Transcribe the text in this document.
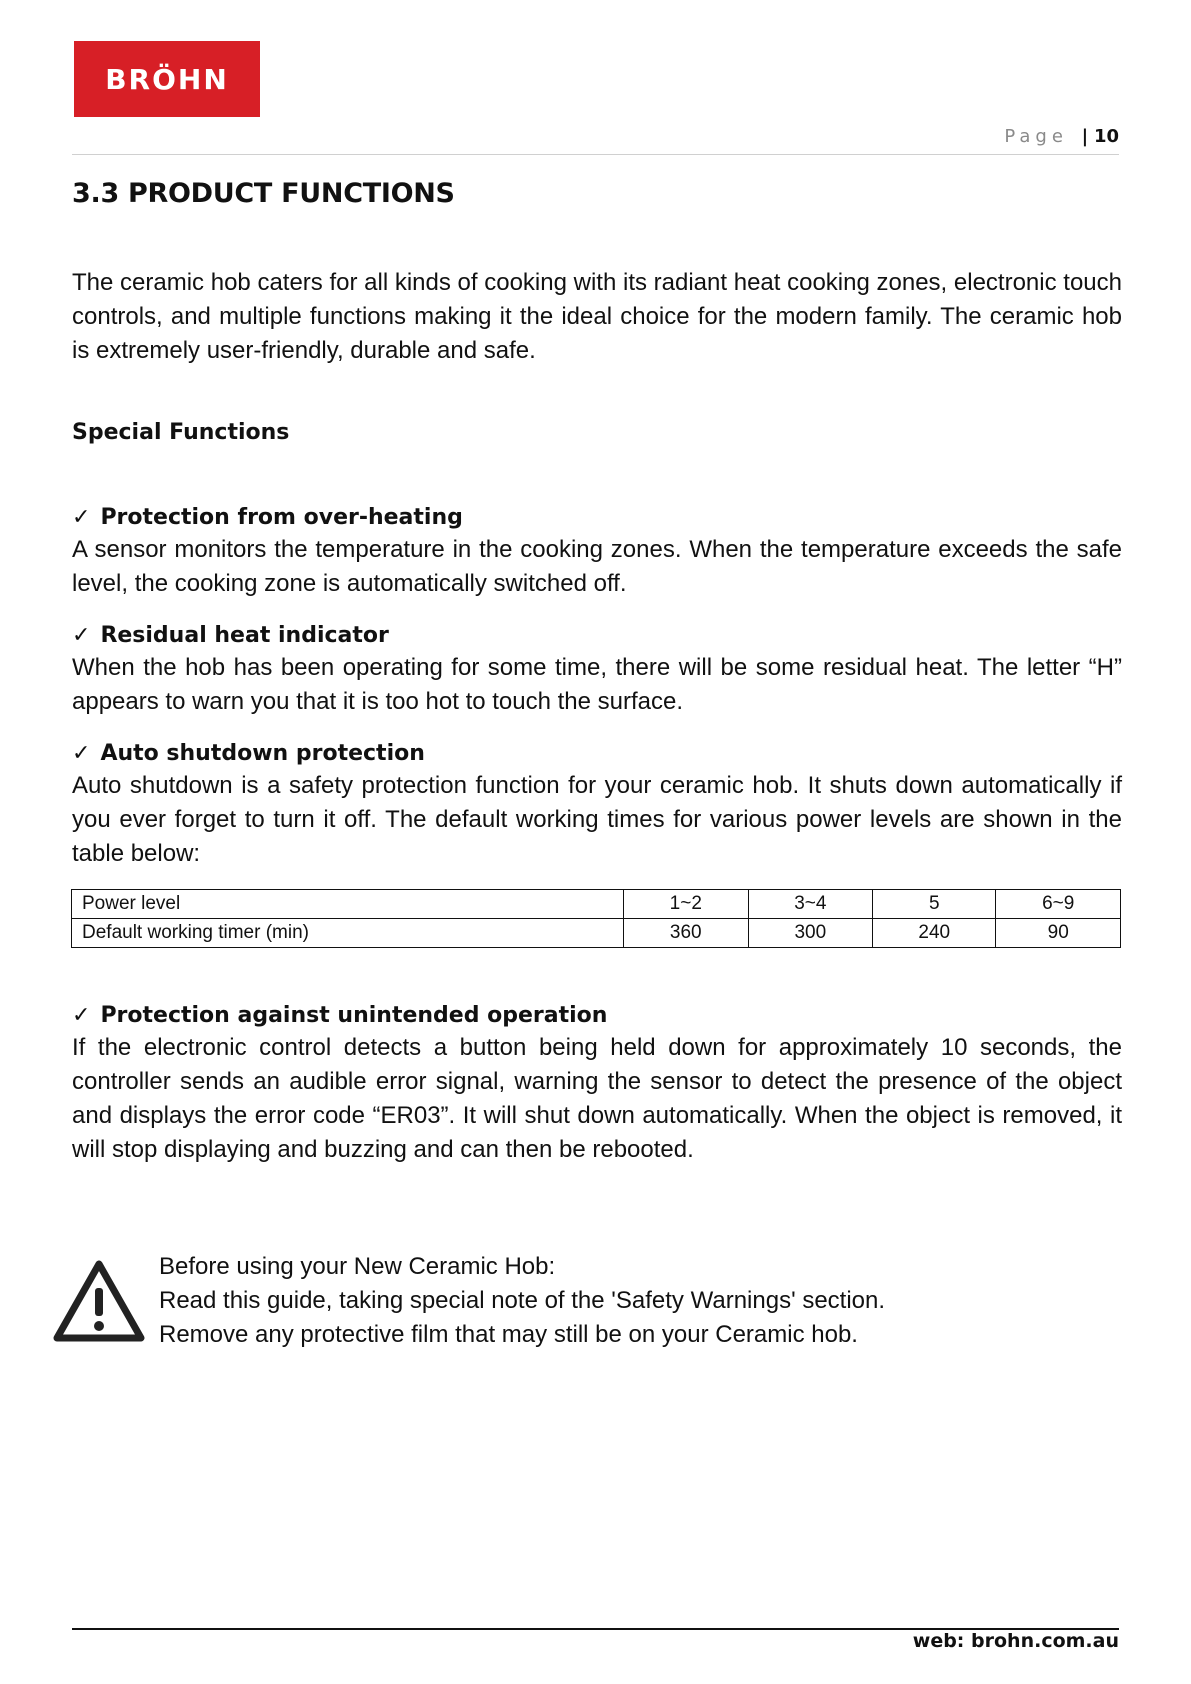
BRÖHN
Page | 10
3.3 PRODUCT FUNCTIONS

The ceramic hob caters for all kinds of cooking with its radiant heat cooking zones, electronic touch controls, and multiple functions making it the ideal choice for the modern family. The ceramic hob is extremely user-friendly, durable and safe.

Special Functions

✓ Protection from over-heating

A sensor monitors the temperature in the cooking zones. When the temperature exceeds the safe level, the cooking zone is automatically switched off.

✓ Residual heat indicator

When the hob has been operating for some time, there will be some residual heat. The letter “H” appears to warn you that it is too hot to touch the surface.

✓ Auto shutdown protection

Auto shutdown is a safety protection function for your ceramic hob. It shuts down automatically if you ever forget to turn it off. The default working times for various power levels are shown in the table below:

Power level	1~2	3~4	5	6~9
Default working timer (min)	360	300	240	90

✓ Protection against unintended operation

If the electronic control detects a button being held down for approximately 10 seconds, the controller sends an audible error signal, warning the sensor to detect the presence of the object and displays the error code “ER03”. It will shut down automatically. When the object is removed, it will stop displaying and buzzing and can then be rebooted.

Before using your New Ceramic Hob:
Read this guide, taking special note of the 'Safety Warnings' section.
Remove any protective film that may still be on your Ceramic hob.
web: brohn.com.au
